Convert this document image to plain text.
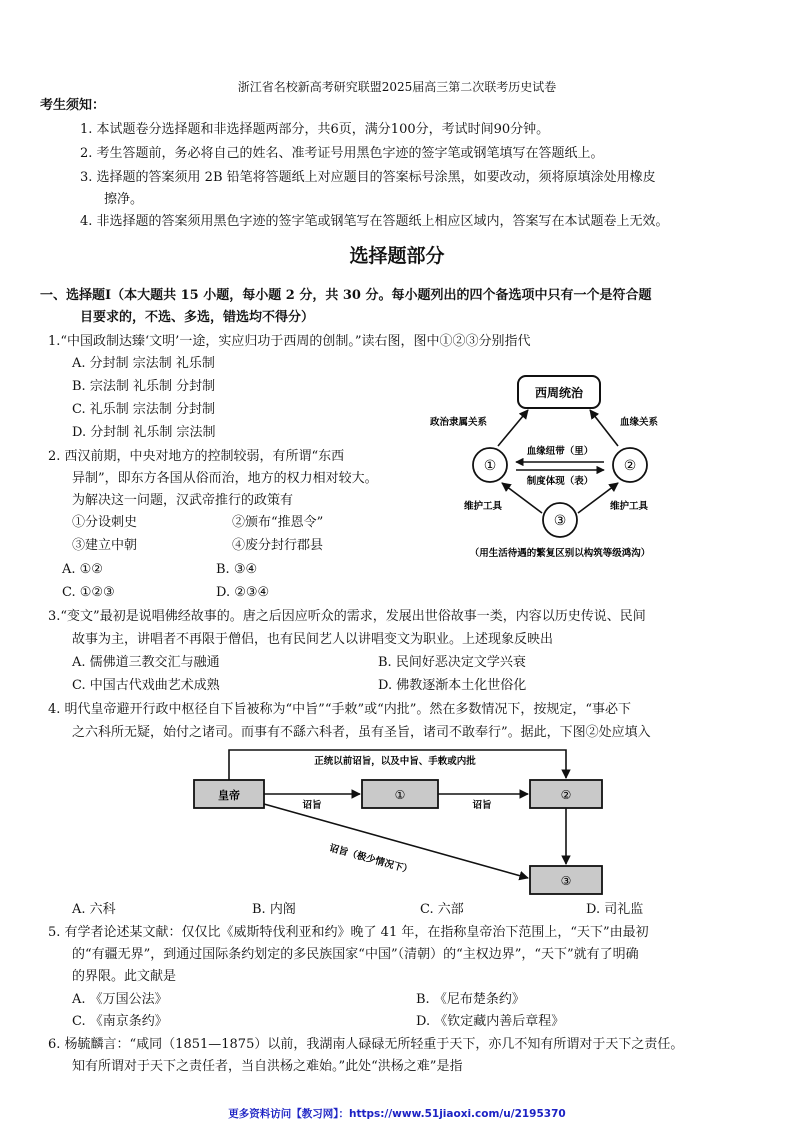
浙江省名校新高考研究联盟2025届高三第二次联考历史试卷
考生须知：
1. 本试题卷分选择题和非选择题两部分，共6页，满分100分，考试时间90分钟。
2. 考生答题前，务必将自己的姓名、准考证号用黑色字迹的签字笔或钢笔填写在答题纸上。
3. 选择题的答案须用 2B 铅笔将答题纸上对应题目的答案标号涂黑，如要改动，须将原填涂处用橡皮
擦净。
4. 非选择题的答案须用黑色字迹的签字笔或钢笔写在答题纸上相应区域内，答案写在本试题卷上无效。
选择题部分
一、选择题Ⅰ（本大题共 15 小题，每小题 2 分，共 30 分。每小题列出的四个备选项中只有一个是符合题
目要求的，不选、多选，错选均不得分）
1.“中国政制达臻‘文明’一途，实应归功于西周的创制。”读右图，图中①②③分别指代
A. 分封制 宗法制 礼乐制
B. 宗法制 礼乐制 分封制
C. 礼乐制 宗法制 分封制
D. 分封制 礼乐制 宗法制
西周统治
政治隶属关系	血缘关系
①	②
③
血缘纽带（里）
制度体现（表）
维护工具	维护工具
（用生活待遇的繁复区别以构筑等级鸿沟）
2. 西汉前期，中央对地方的控制较弱，有所谓“东西
异制”，即东方各国从俗而治，地方的权力相对较大。
为解决这一问题，汉武帝推行的政策有
①分设刺史	②颁布“推恩令”
③建立中朝	④废分封行郡县
A. ①②	B. ③④
C. ①②③	D. ②③④
3.“变文”最初是说唱佛经故事的。唐之后因应听众的需求，发展出世俗故事一类，内容以历史传说、民间
故事为主，讲唱者不再限于僧侣，也有民间艺人以讲唱变文为职业。上述现象反映出
A. 儒佛道三教交汇与融通	B. 民间好恶决定文学兴衰
C. 中国古代戏曲艺术成熟	D. 佛教逐渐本土化世俗化
4. 明代皇帝避开行政中枢径自下旨被称为“中旨”“手敕”或“内批”。然在多数情况下，按规定，“事必下
之六科所无疑，始付之诸司。而事有不繇六科者，虽有圣旨，诸司不敢奉行”。据此，下图②处应填入
皇帝	①	②
③
正统以前诏旨，以及中旨、手敕或内批
诏旨	诏旨
诏旨（极少情况下）
A. 六科	B. 内阁	C. 六部	D. 司礼监
5. 有学者论述某文献：仅仅比《威斯特伐利亚和约》晚了 41 年，在指称皇帝治下范围上，“天下”由最初
的“有疆无界”，到通过国际条约划定的多民族国家“中国”（清朝）的“主权边界”，“天下”就有了明确
的界限。此文献是
A. 《万国公法》	B. 《尼布楚条约》
C. 《南京条约》	D. 《钦定藏内善后章程》
6. 杨毓麟言：“咸同（1851—1875）以前，我湖南人碌碌无所轻重于天下，亦几不知有所谓对于天下之责任。
知有所谓对于天下之责任者，当自洪杨之难始。”此处“洪杨之难”是指
更多资料访问【教习网】：https://www.51jiaoxi.com/u/2195370
